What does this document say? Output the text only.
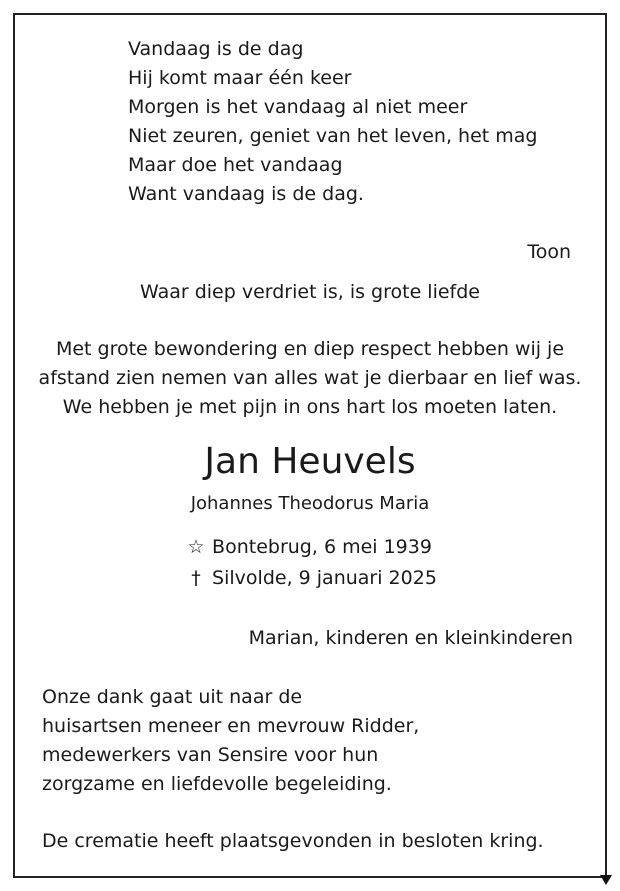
Vandaag is de dag
Hij komt maar één keer
Morgen is het vandaag al niet meer
Niet zeuren, geniet van het leven, het mag
Maar doe het vandaag
Want vandaag is de dag.
Toon
Waar diep verdriet is, is grote liefde
Met grote bewondering en diep respect hebben wij je
afstand zien nemen van alles wat je dierbaar en lief was.
We hebben je met pijn in ons hart los moeten laten.
Jan Heuvels
Johannes Theodorus Maria
☆ Bontebrug, 6 mei 1939
† Silvolde, 9 januari 2025
Marian, kinderen en kleinkinderen
Onze dank gaat uit naar de
huisartsen meneer en mevrouw Ridder,
medewerkers van Sensire voor hun
zorgzame en liefdevolle begeleiding.
De crematie heeft plaatsgevonden in besloten kring.
